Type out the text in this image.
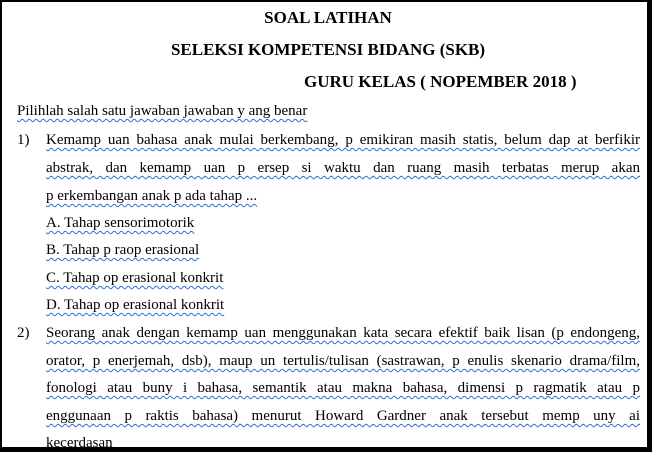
SOAL LATIHAN
SELEKSI KOMPETENSI BIDANG (SKB)
GURU KELAS ( NOPEMBER 2018 )
Pilihlah salah satu jawaban jawaban y ang benar
1) Kemamp uan bahasa anak mulai berkembang, p emikiran masih statis, belum dap at berfikir
abstrak, dan kemamp uan p ersep si waktu dan ruang masih terbatas merup akan
p erkembangan anak p ada tahap ...
A. Tahap sensorimotorik
B. Tahap p raop erasional
C. Tahap op erasional konkrit
D. Tahap op erasional konkrit
2) Seorang anak dengan kemamp uan menggunakan kata secara efektif baik lisan (p endongeng,
orator, p enerjemah, dsb), maup un tertulis/tulisan (sastrawan, p enulis skenario drama/film,
fonologi atau buny i bahasa, semantik atau makna bahasa, dimensi p ragmatik atau p
enggunaan p raktis bahasa) menurut Howard Gardner anak tersebut memp uny ai
kecerdasan
